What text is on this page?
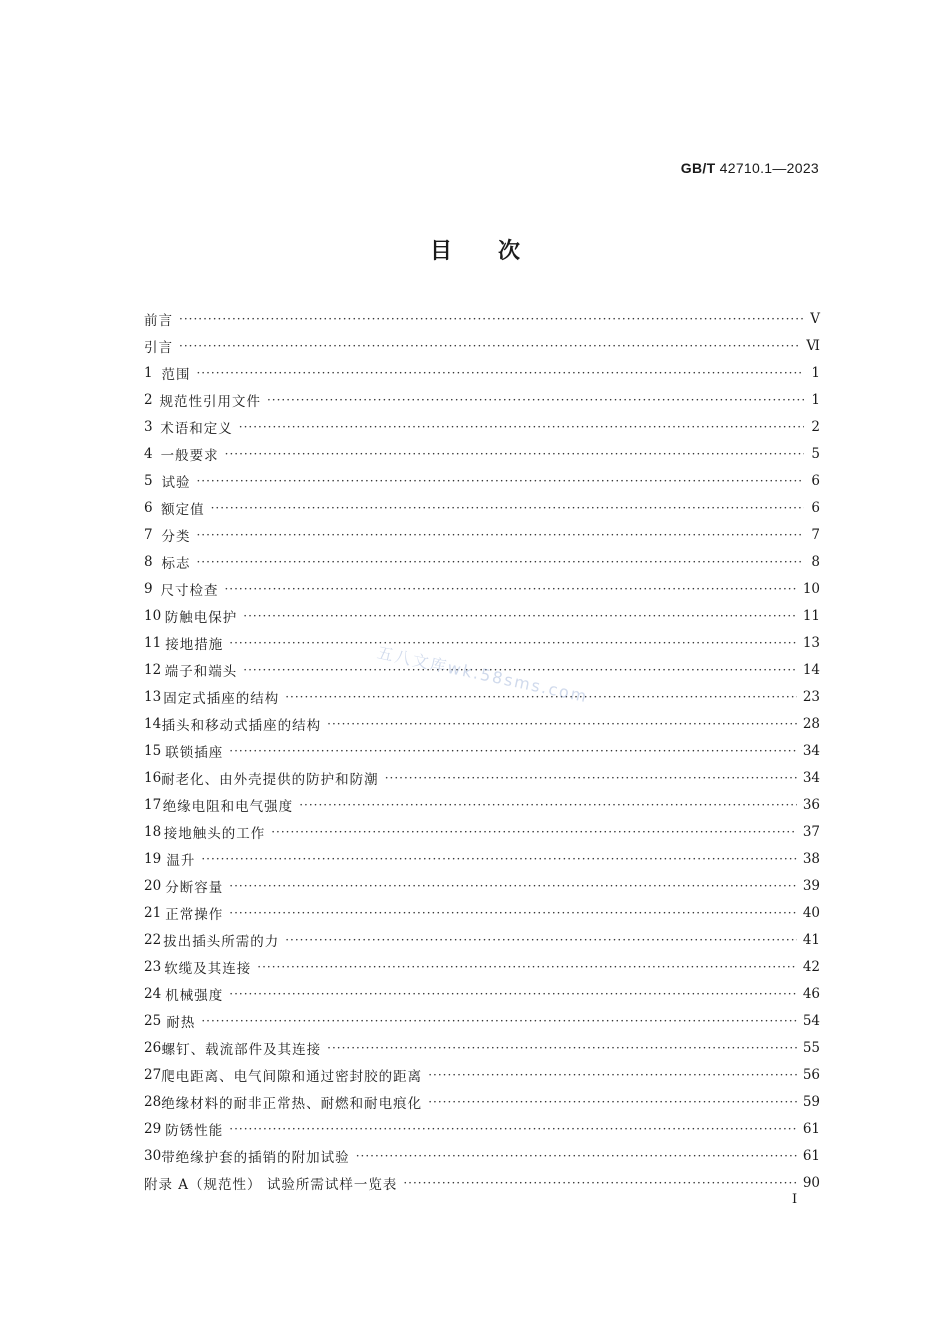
GB/T 42710.1—2023
目次
前言 ·····	Ⅴ
引言 ·····	Ⅵ
1 范围 ·····	1
2 规范性引用文件 ·····	1
3 术语和定义 ·····	2
4 一般要求 ·····	5
5 试验 ·····	6
6 额定值 ·····	6
7 分类 ·····	7
8 标志 ·····	8
9 尺寸检查 ·····	10
10 防触电保护 ·····	11
11 接地措施 ·····	13
12 端子和端头 ·····	14
13 固定式插座的结构 ·····	23
14 插头和移动式插座的结构 ·····	28
15 联锁插座 ·····	34
16 耐老化、由外壳提供的防护和防潮 ·····	34
17 绝缘电阻和电气强度 ·····	36
18 接地触头的工作 ·····	37
19 温升 ·····	38
20 分断容量 ·····	39
21 正常操作 ·····	40
22 拔出插头所需的力 ·····	41
23 软缆及其连接 ·····	42
24 机械强度 ·····	46
25 耐热 ·····	54
26 螺钉、载流部件及其连接 ·····	55
27 爬电距离、电气间隙和通过密封胶的距离 ·····	56
28 绝缘材料的耐非正常热、耐燃和耐电痕化 ·····	59
29 防锈性能 ·····	61
30 带绝缘护套的插销的附加试验 ·····	61
附录 A（规范性） 试验所需试样一览表 ·····	90
五八文库wk.58sms.com
Ⅰ
